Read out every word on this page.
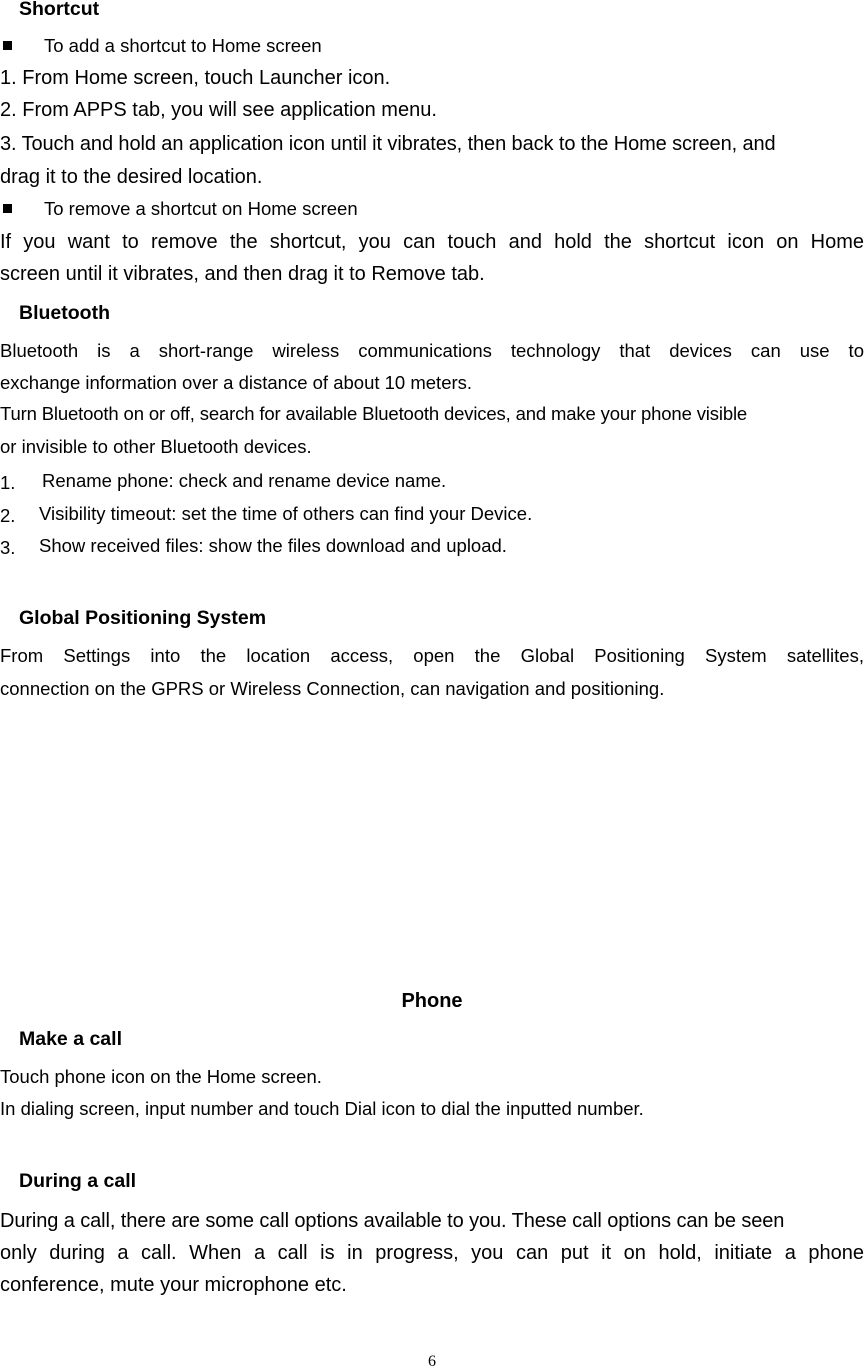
Shortcut
To add a shortcut to Home screen
1. From Home screen, touch Launcher icon.
2. From APPS tab, you will see application menu.
3. Touch and hold an application icon until it vibrates, then back to the Home screen, and
drag it to the desired location.
To remove a shortcut on Home screen
If you want to remove the shortcut, you can touch and hold the shortcut icon on Home
screen until it vibrates, and then drag it to Remove tab.
Bluetooth
Bluetooth is a short-range wireless communications technology that devices can use to
exchange information over a distance of about 10 meters.
Turn Bluetooth on or off, search for available Bluetooth devices, and make your phone visible
or invisible to other Bluetooth devices.
1. Rename phone: check and rename device name.
2. Visibility timeout: set the time of others can find your Device.
3. Show received files: show the files download and upload.
Global Positioning System
From Settings into the location access, open the Global Positioning System satellites,
connection on the GPRS or Wireless Connection, can navigation and positioning.
Phone
Make a call
Touch phone icon on the Home screen.
In dialing screen, input number and touch Dial icon to dial the inputted number.
During a call
During a call, there are some call options available to you. These call options can be seen
only during a call. When a call is in progress, you can put it on hold, initiate a phone
conference, mute your microphone etc.
6
